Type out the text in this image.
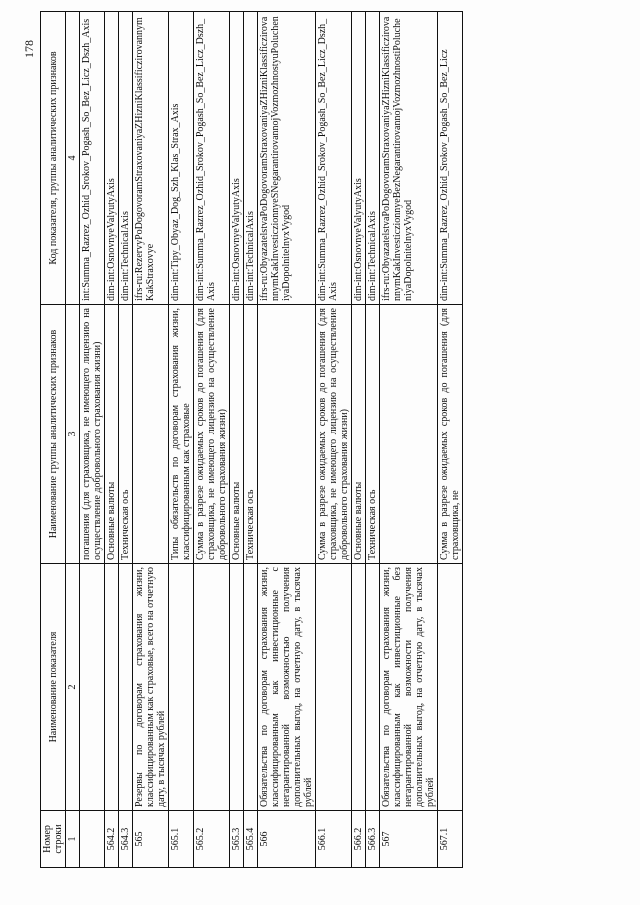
178
Номер строки	Наименование показателя	Наименование группы аналитических признаков	Код показателя, группы аналитических признаков
1	2	3	4
		погашения (для страховщика, не имеющего лицензию на осуществление добровольного страхования жизни)	int:Summa_Razrez_Ozhid_Srokov_Pogash_So_Bez_Licz_Dszh_Axis
564.2		Основные валюты	dim-int:OsnovnyeValyutyAxis
564.3		Техническая ось	dim-int:TechnicalAxis
565	Резервы по договорам страхования жизни, классифицированным как страховые, всего на отчетную дату, в тысячах рублей		ifrs-ru:RezervyPoDogovoramStraxovaniyaZHizniKlassificzirovannymKakStraxovye
565.1		Типы обязательств по договорам страхования жизни, классифицированным как страховые	dim-int:Tipy_Obyaz_Dog_Szh_Klas_Strax_Axis
565.2		Сумма в разрезе ожидаемых сроков до погашения (для страховщика, не имеющего лицензию на осуществление добровольного страхования жизни)	dim-int:Summa_Razrez_Ozhid_Srokov_Pogash_So_Bez_Licz_Dszh_Axis
565.3		Основные валюты	dim-int:OsnovnyeValyutyAxis
565.4		Техническая ось	dim-int:TechnicalAxis
566	Обязательства по договорам страхования жизни, классифицированным как инвестиционные с негарантированной возможностью получения дополнительных выгод, на отчетную дату, в тысячах рублей		ifrs-ru:ObyazatelstvaPoDogovoramStraxovaniyaZHizniKlassificzirovannymKakInvesticzionnyeSNegarantirovannojVozmozhnostyuPolucheniyaDopolnitelnyxVygod
566.1		Сумма в разрезе ожидаемых сроков до погашения (для страховщика, не имеющего лицензию на осуществление добровольного страхования жизни)	dim-int:Summa_Razrez_Ozhid_Srokov_Pogash_So_Bez_Licz_Dszh_Axis
566.2		Основные валюты	dim-int:OsnovnyeValyutyAxis
566.3		Техническая ось	dim-int:TechnicalAxis
567	Обязательства по договорам страхования жизни, классифицированным как инвестиционные без негарантированной возможности получения дополнительных выгод, на отчетную дату, в тысячах рублей		ifrs-ru:ObyazatelstvaPoDogovoramStraxovaniyaZHizniKlassificzirovannymKakInvesticzionnyeBezNegarantirovannojVozmozhnostiPolucheniyaDopolnitelnyxVygod
567.1		Сумма в разрезе ожидаемых сроков до погашения (для страховщика, не	dim-int:Summa_Razrez_Ozhid_Srokov_Pogash_So_Bez_Licz
